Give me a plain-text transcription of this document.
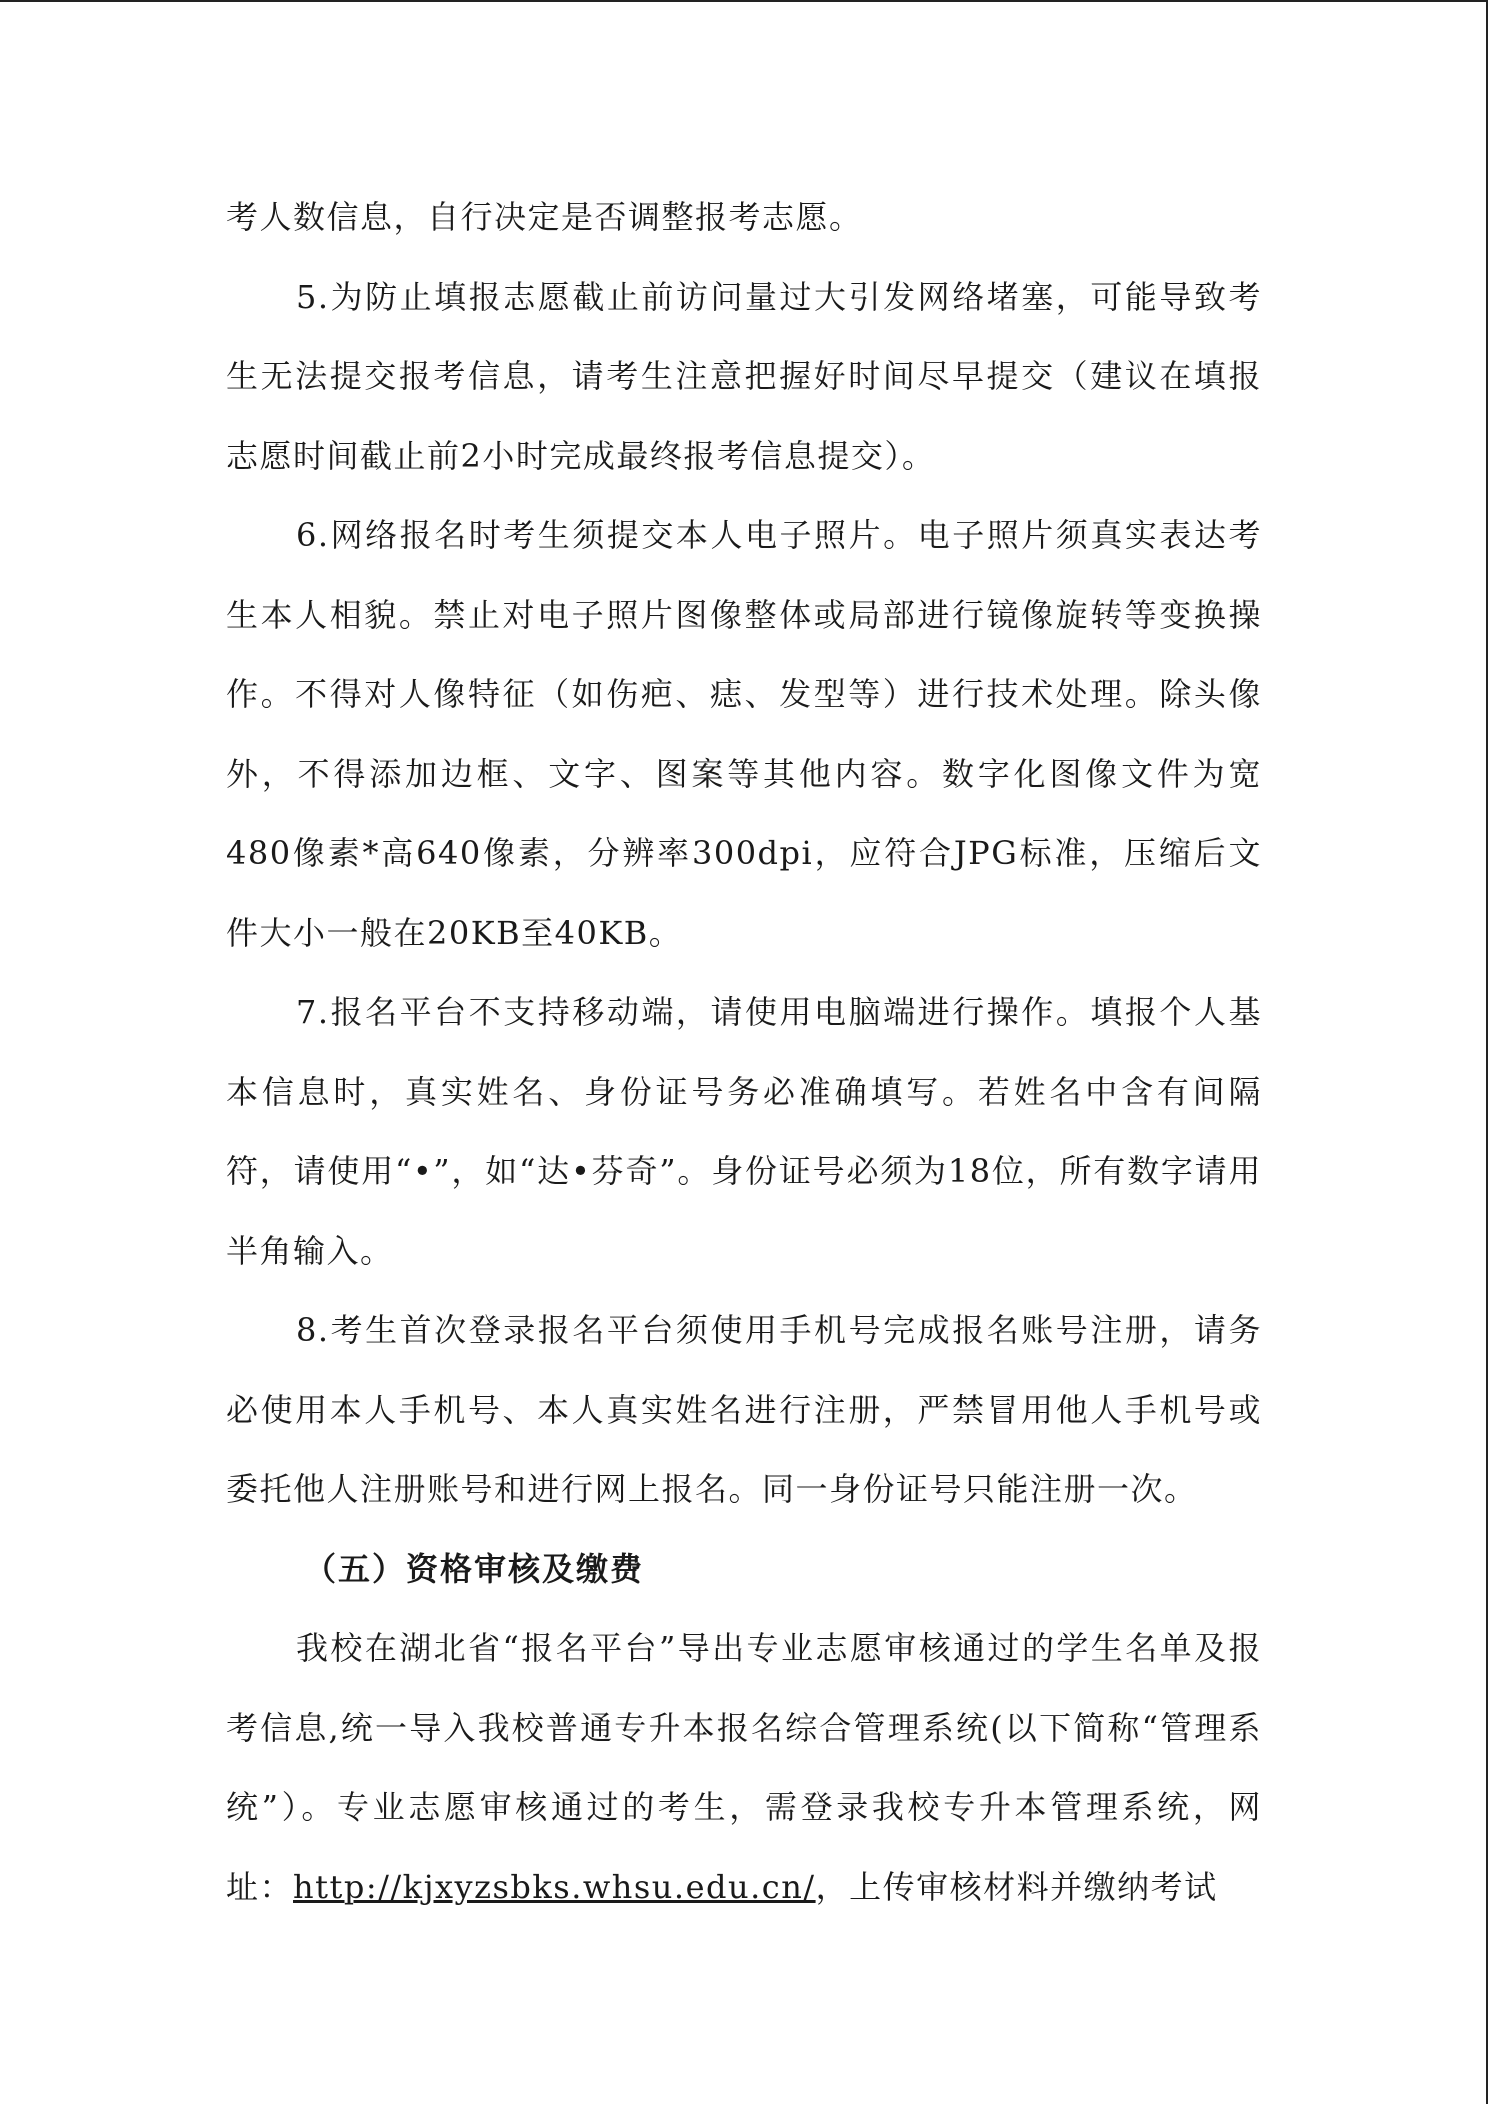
考人数信息，自行决定是否调整报考志愿。

5.为防止填报志愿截止前访问量过大引发网络堵塞，可能导致考生无法提交报考信息，请考生注意把握好时间尽早提交（建议在填报志愿时间截止前2小时完成最终报考信息提交）。

6.网络报名时考生须提交本人电子照片。电子照片须真实表达考生本人相貌。禁止对电子照片图像整体或局部进行镜像旋转等变换操作。不得对人像特征（如伤疤、痣、发型等）进行技术处理。除头像外，不得添加边框、文字、图案等其他内容。数字化图像文件为宽480像素*高640像素，分辨率300dpi，应符合JPG标准，压缩后文件大小一般在20KB至40KB。

7.报名平台不支持移动端，请使用电脑端进行操作。填报个人基本信息时，真实姓名、身份证号务必准确填写。若姓名中含有间隔符，请使用“•”，如“达•芬奇”。身份证号必须为18位，所有数字请用半角输入。

8.考生首次登录报名平台须使用手机号完成报名账号注册，请务必使用本人手机号、本人真实姓名进行注册，严禁冒用他人手机号或委托他人注册账号和进行网上报名。同一身份证号只能注册一次。

（五）资格审核及缴费

我校在湖北省“报名平台”导出专业志愿审核通过的学生名单及报考信息,统一导入我校普通专升本报名综合管理系统(以下简称“管理系统”）。专业志愿审核通过的考生，需登录我校专升本管理系统，网址：http://kjxyzsbks.whsu.edu.cn/，上传审核材料并缴纳考试
